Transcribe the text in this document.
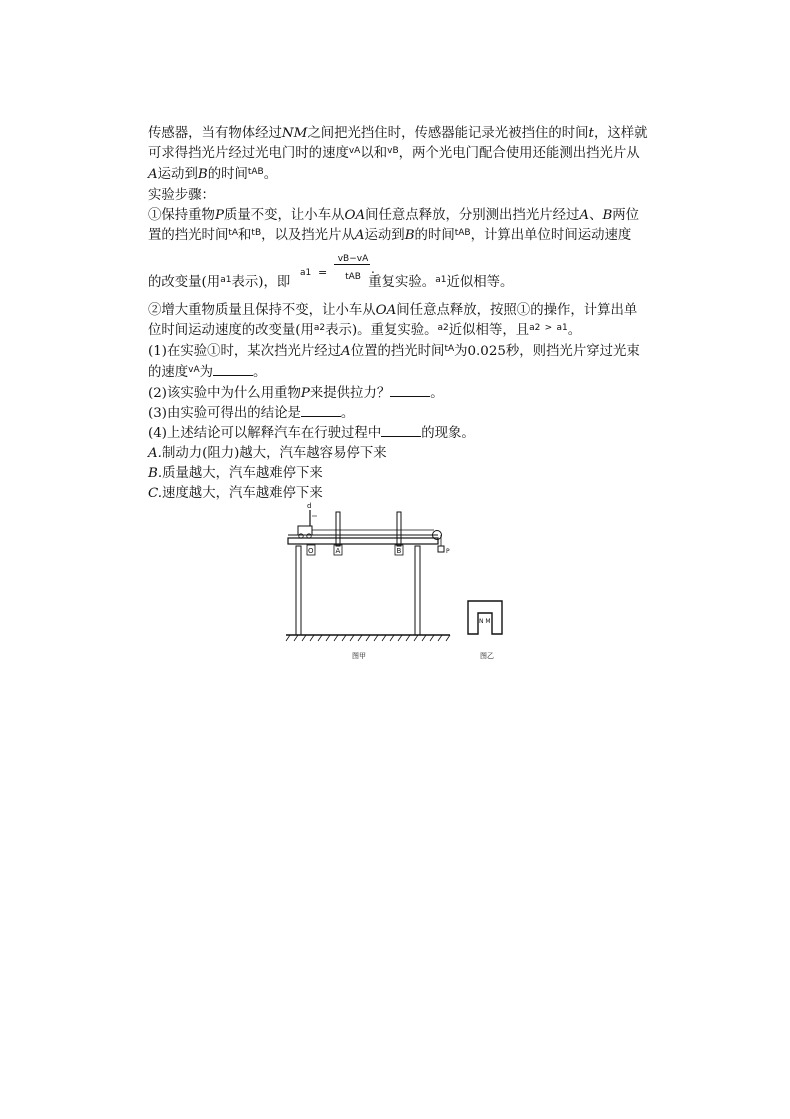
传感器，当有物体经过NM之间把光挡住时，传感器能记录光被挡住的时间t，这样就
可求得挡光片经过光电门时的速度$^{vA}$以和$^{vB}$，两个光电门配合使用还能测出挡光片从
A运动到B的时间$^{tAB}$。
实验步骤：
①保持重物P质量不变，让小车从OA间任意点释放，分别测出挡光片经过A、B两位
置的挡光时间$^{tA}$和$^{tB}$，以及挡光片从A运动到B的时间$^{tAB}$，计算出单位时间运动速度
a1 =
vB−vA
tAB
.
的改变量(用$^{a1}$表示)，即	重复实验。$^{a1}$近似相等。
②增大重物质量且保持不变，让小车从OA间任意点释放，按照①的操作，计算出单
位时间运动速度的改变量(用$^{a2}$表示)。重复实验。$^{a2}$近似相等，且$^{a2}$ > $^{a1}$。
(1)在实验①时，某次挡光片经过A位置的挡光时间$^{tA}$为0.025秒，则挡光片穿过光束
的速度$^{vA}$为	。
(2)该实验中为什么用重物P来提供拉力？	。
(3)由实验可得出的结论是	。
(4)上述结论可以解释汽车在行驶过程中	的现象。
A.制动力(阻力)越大，汽车越容易停下来
B.质量越大，汽车越难停下来
C.速度越大，汽车越难停下来
d
O	A	B	P
N M
图甲	图乙
